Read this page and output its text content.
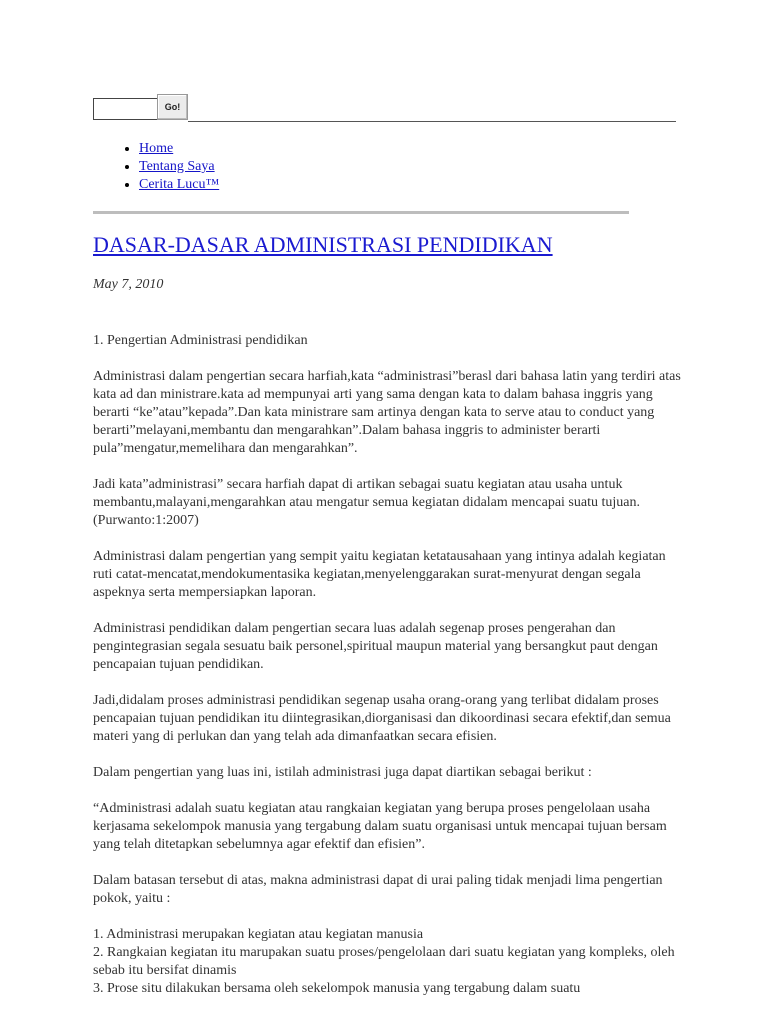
Go!
• Home
• Tentang Saya
• Cerita Lucu™
DASAR-DASAR ADMINISTRASI PENDIDIKAN
May 7, 2010

1. Pengertian Administrasi pendidikan

Administrasi dalam pengertian secara harfiah,kata “administrasi”berasl dari bahasa latin yang terdiri atas kata ad dan ministrare.kata ad mempunyai arti yang sama dengan kata to dalam bahasa inggris yang berarti “ke”atau”kepada”.Dan kata ministrare sam artinya dengan kata to serve atau to conduct yang berarti”melayani,membantu dan mengarahkan”.Dalam bahasa inggris to administer berarti pula”mengatur,memelihara dan mengarahkan”.

Jadi kata”administrasi” secara harfiah dapat di artikan sebagai suatu kegiatan atau usaha untuk membantu,malayani,mengarahkan atau mengatur semua kegiatan didalam mencapai suatu tujuan.(Purwanto:1:2007)

Administrasi dalam pengertian yang sempit yaitu kegiatan ketatausahaan yang intinya adalah kegiatan ruti catat-mencatat,mendokumentasika kegiatan,menyelenggarakan surat-menyurat dengan segala aspeknya serta mempersiapkan laporan.

Administrasi pendidikan dalam pengertian secara luas adalah segenap proses pengerahan dan pengintegrasian segala sesuatu baik personel,spiritual maupun material yang bersangkut paut dengan pencapaian tujuan pendidikan.

Jadi,didalam proses administrasi pendidikan segenap usaha orang-orang yang terlibat didalam proses pencapaian tujuan pendidikan itu diintegrasikan,diorganisasi dan dikoordinasi secara efektif,dan semua materi yang di perlukan dan yang telah ada dimanfaatkan secara efisien.

Dalam pengertian yang luas ini, istilah administrasi juga dapat diartikan sebagai berikut :

“Administrasi adalah suatu kegiatan atau rangkaian kegiatan yang berupa proses pengelolaan usaha kerjasama sekelompok manusia yang tergabung dalam suatu organisasi untuk mencapai tujuan bersam yang telah ditetapkan sebelumnya agar efektif dan efisien”.

Dalam batasan tersebut di atas, makna administrasi dapat di urai paling tidak menjadi lima pengertian pokok, yaitu :

1. Administrasi merupakan kegiatan atau kegiatan manusia

2. Rangkaian kegiatan itu marupakan suatu proses/pengelolaan dari suatu kegiatan yang kompleks, oleh sebab itu bersifat dinamis

3. Prose situ dilakukan bersama oleh sekelompok manusia yang tergabung dalam suatu
